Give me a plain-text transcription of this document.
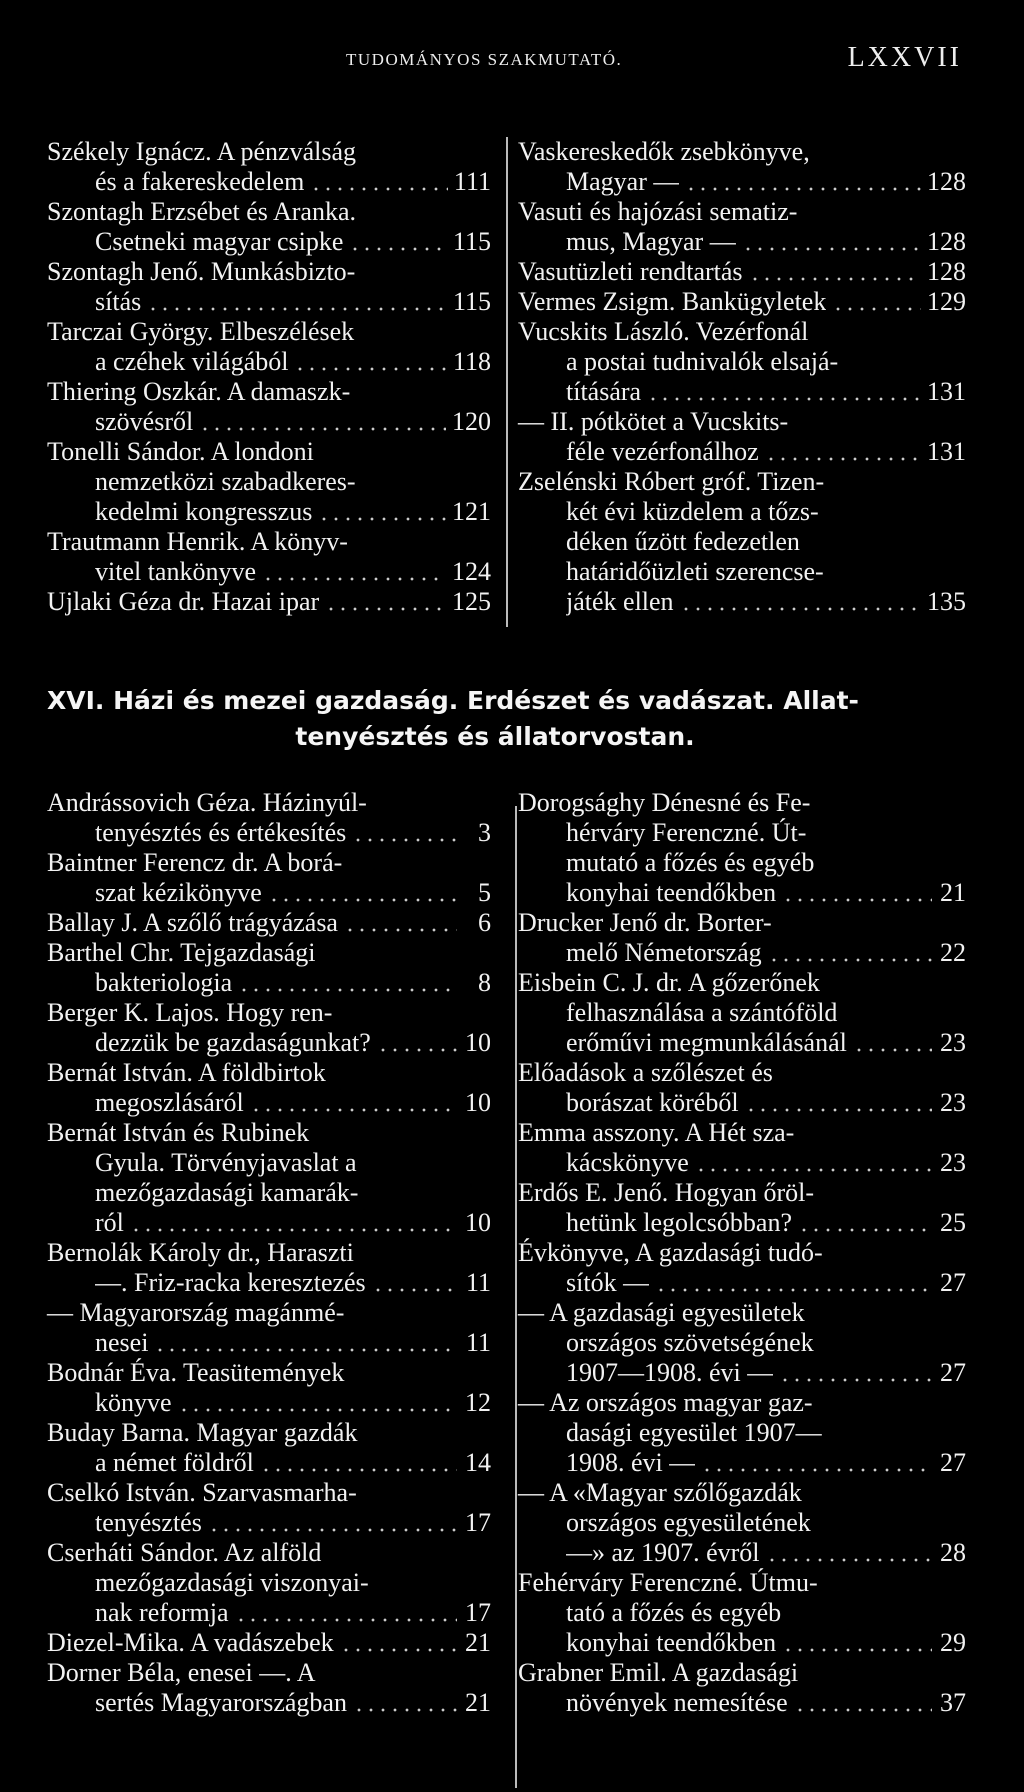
TUDOMÁNYOS SZAKMUTATÓ.	LXXVII
Székely Ignácz. A pénzválság
és a fakereskedelem	111
Szontagh Erzsébet és Aranka.
Csetneki magyar csipke	115
Szontagh Jenő. Munkásbizto-
sítás	115
Tarczai György. Elbeszélések
a czéhek világából	118
Thiering Oszkár. A damaszk-
szövésről	120
Tonelli Sándor. A londoni
nemzetközi szabadkeres-
kedelmi kongresszus	121
Trautmann Henrik. A könyv-
vitel tankönyve	124
Ujlaki Géza dr. Hazai ipar	125
Vaskereskedők zsebkönyve,
Magyar —	128
Vasuti és hajózási sematiz-
mus, Magyar —	128
Vasutüzleti rendtartás	128
Vermes Zsigm. Bankügyletek	129
Vucskits László. Vezérfonál
a postai tudnivalók elsajá-
títására	131
— II. pótkötet a Vucskits-
féle vezérfonálhoz	131
Zselénski Róbert gróf. Tizen-
két évi küzdelem a tőzs-
déken űzött fedezetlen
határidőüzleti szerencse-
játék ellen	135
XVI. Házi és mezei gazdaság. Erdészet és vadászat. Allat-
tenyésztés és állatorvostan.
Andrássovich Géza. Házinyúl-
tenyésztés és értékesítés	3
Baintner Ferencz dr. A borá-
szat kézikönyve	5
Ballay J. A szőlő trágyázása	6
Barthel Chr. Tejgazdasági
bakteriologia	8
Berger K. Lajos. Hogy ren-
dezzük be gazdaságunkat?	10
Bernát István. A földbirtok
megoszlásáról	10
Bernát István és Rubinek
Gyula. Törvényjavaslat a
mezőgazdasági kamarák-
ról	10
Bernolák Károly dr., Haraszti
—. Friz-racka keresztezés	11
— Magyarország magánmé-
nesei	11
Bodnár Éva. Teasütemények
könyve	12
Buday Barna. Magyar gazdák
a német földről	14
Cselkó István. Szarvasmarha-
tenyésztés	17
Cserháti Sándor. Az alföld
mezőgazdasági viszonyai-
nak reformja	17
Diezel-Mika. A vadászebek	21
Dorner Béla, enesei —. A
sertés Magyarországban	21
Dorogsághy Dénesné és Fe-
hérváry Ferenczné. Út-
mutató a főzés és egyéb
konyhai teendőkben	21
Drucker Jenő dr. Borter-
melő Németország	22
Eisbein C. J. dr. A gőzerőnek
felhasználása a szántóföld
erőművi megmunkálásánál	23
Előadások a szőlészet és
borászat köréből	23
Emma asszony. A Hét sza-
kácskönyve	23
Erdős E. Jenő. Hogyan őröl-
hetünk legolcsóbban?	25
Évkönyve, A gazdasági tudó-
sítók —	27
— A gazdasági egyesületek
országos szövetségének
1907—1908. évi —	27
— Az országos magyar gaz-
dasági egyesület 1907—
1908. évi —	27
— A «Magyar szőlőgazdák
országos egyesületének
—» az 1907. évről	28
Fehérváry Ferenczné. Útmu-
tató a főzés és egyéb
konyhai teendőkben	29
Grabner Emil. A gazdasági
növények nemesítése	37
